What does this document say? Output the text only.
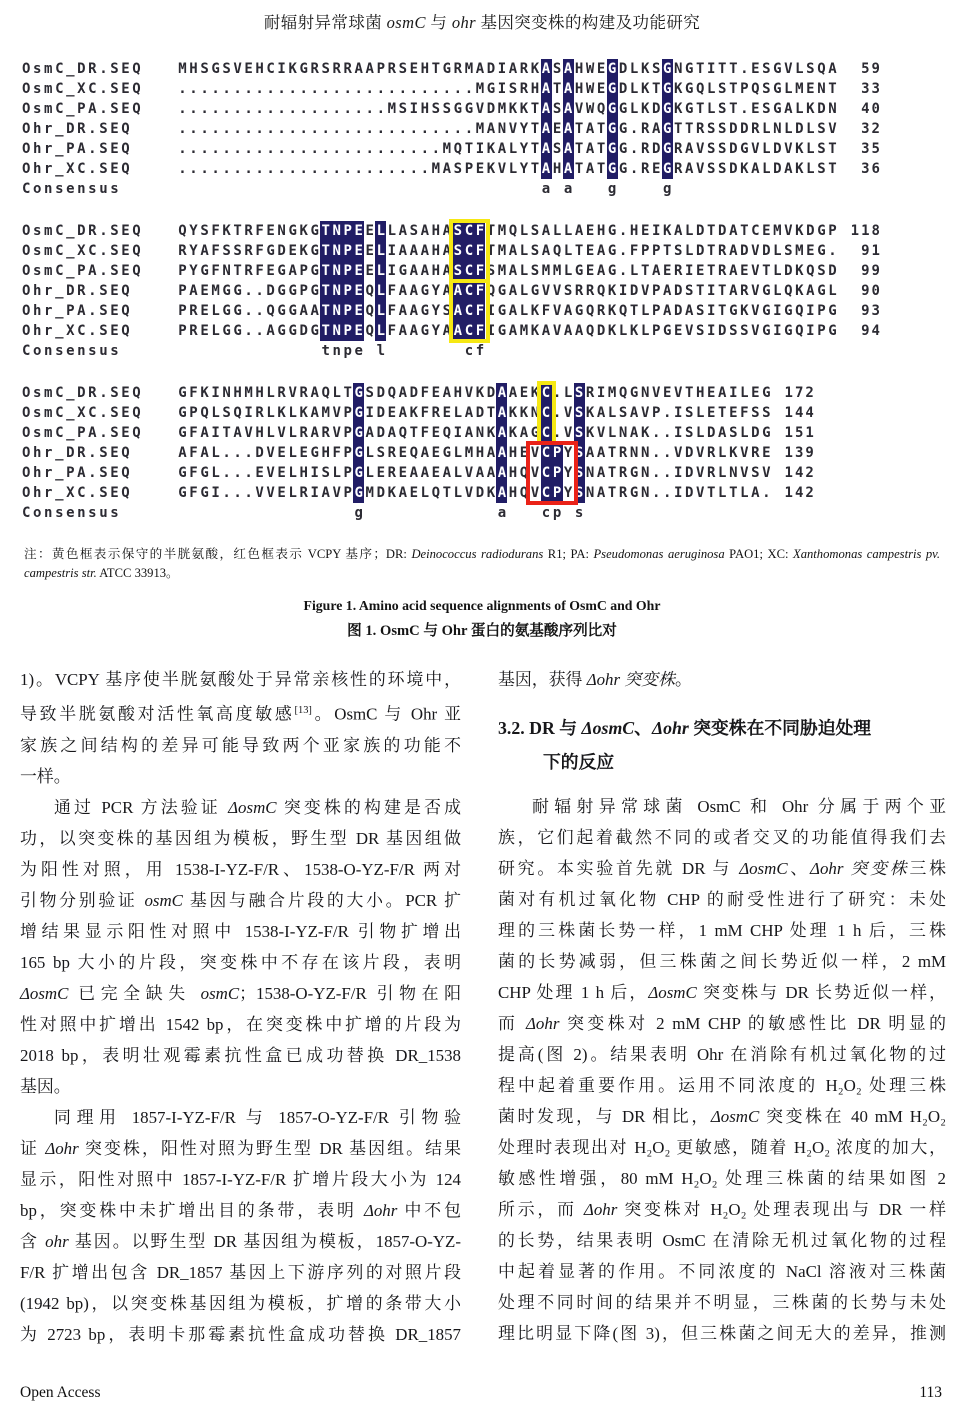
耐辐射异常球菌 osmC 与 ohr 基因突变株的构建及功能研究
OsmC_DR.SEQ M H S G S V E H C I K G R S R R A A P R S E H T G R M A D I A R K A S A H W E G D L K S G N G T I T T . E S G V L S Q A 59
OsmC_XC.SEQ . . . . . . . . . . . . . . . . . . . . . . . . . . . M G I S R H A T A H W E G D L K T G K G Q L S T P Q S G L M E N T 33
OsmC_PA.SEQ . . . . . . . . . . . . . . . . . . . M S I H S S G G V D M K K T A S A V W Q G G L K D G K G T L S T . E S G A L K D N 40
Ohr_DR.SEQ	. . . . . . . . . . . . . . . . . . . . . . . . . . . M A N V Y T A E A T A T G G . R A G T T R S S D D R L N L D L S V 32
Ohr_PA.SEQ	. . . . . . . . . . . . . . . . . . . . . . . . M Q T I K A L Y T A S A T A T G G . R D G R A V S S D G V L D V K L S T 35
Ohr_XC.SEQ	. . . . . . . . . . . . . . . . . . . . . . . M A S P E K V L Y T A H A T A T G G . R E G R A V S S D K A L D A K L S T 36
Consensus	a a	g	g
OsmC_DR.SEQ Q Y S F K T R F E N G K G T N P E E L L A S A H A S C F T M Q L S A L L A E H G . H E I K A L D T D A T C E M V K D G P 118
OsmC_XC.SEQ R Y A F S S R F G D E K G T N P E E L I A A A H A S C F T M A L S A Q L T E A G . F P P T S L D T R A D V D L S M E G . 91
OsmC_PA.SEQ P Y G F N T R F E G A P G T N P E E L I G A A H A S C F S M A L S M M L G E A G . L T A E R I E T R A E V T L D K Q S D 99
Ohr_DR.SEQ	P A E M G G . . D G G P G T N P E Q L F A A G Y A A C F Q G A L G V V S R R Q K I D V P A D S T I T A R V G L Q K A G L 90
Ohr_PA.SEQ	P R E L G G . . Q G G A A T N P E Q L F A A G Y S A C F I G A L K F V A G Q R K Q T L P A D A S I T G K V G I G Q I P G 93
Ohr_XC.SEQ	P R E L G G . . A G G D G T N P E Q L F A A G Y A A C F I G A M K A V A A Q D K L K L P G E V S I D S S V G I G Q I P G 94
Consensus	t n p e l	c f
OsmC_DR.SEQ G F K I N H M H L R V R A Q L T G S D Q A D F E A H V K D A A E K C . L S R I M Q G N V E V T H E A I L E G 172
OsmC_XC.SEQ G P Q L S Q I R L K L K A M V P G I D E A K F R E L A D T A K K N C . V S K A L S A V P . I S L E T E F S S 144
OsmC_PA.SEQ G F A I T A V H L V L R A R V P G A D A Q T F E Q I A N K A K A G C . V S K V L N A K . . I S L D A S L D G 151
Ohr_DR.SEQ	A F A L . . . D V E L E G H F P G L S R E Q A E G L M H A A H E V C P Y S A A T R N N . . V D V R L K V R E 139
Ohr_PA.SEQ	G F G L . . . E V E L H I S L P G L E R E A A E A L V A A A H Q V C P Y S N A T R G N . . I D V R L N V S V 142
Ohr_XC.SEQ	G F G I . . . V V E L R I A V P G M D K A E L Q T L V D K A H Q V C P Y S N A T R G N . . I D V T L T L A . 142
Consensus	g	a	c p s
注：黄色框表示保守的半胱氨酸，红色框表示 VCPY 基序；DR: Deinococcus radiodurans R1; PA: Pseudomonas aeruginosa PAO1; XC: Xanthomonas campestris pv. campestris str. ATCC 33913。
Figure 1. Amino acid sequence alignments of OsmC and Ohr
图 1. OsmC 与 Ohr 蛋白的氨基酸序列比对
1)。VCPY 基序使半胱氨酸处于异常亲核性的环境中，
导致半胱氨酸对活性氧高度敏感[13]。OsmC 与 Ohr 亚
家族之间结构的差异可能导致两个亚家族的功能不
一样。
通过 PCR 方法验证 ΔosmC 突变株的构建是否成
功，以突变株的基因组为模板，野生型 DR 基因组做
为阳性对照，用 1538-I-YZ-F/R、1538-O-YZ-F/R 两对
引物分别验证 osmC 基因与融合片段的大小。PCR 扩
增结果显示阳性对照中 1538-I-YZ-F/R 引物扩增出
165 bp 大小的片段，突变株中不存在该片段，表明
ΔosmC 已完全缺失 osmC；1538-O-YZ-F/R 引物在阳
性对照中扩增出 1542 bp，在突变株中扩增的片段为
2018 bp，表明壮观霉素抗性盒已成功替换 DR_1538
基因。
同理用 1857-I-YZ-F/R 与 1857-O-YZ-F/R 引物验
证 Δohr 突变株，阳性对照为野生型 DR 基因组。结果
显示，阳性对照中 1857-I-YZ-F/R 扩增片段大小为 124
bp，突变株中未扩增出目的条带，表明 Δohr 中不包
含 ohr 基因。以野生型 DR 基因组为模板，1857-O-YZ-
F/R 扩增出包含 DR_1857 基因上下游序列的对照片段
(1942 bp)，以突变株基因组为模板，扩增的条带大小
为 2723 bp，表明卡那霉素抗性盒成功替换 DR_1857
基因，获得 Δohr 突变株。
3.2. DR 与 ΔosmC、Δohr 突变株在不同胁迫处理
下的反应
耐辐射异常球菌 OsmC 和 Ohr 分属于两个亚
族，它们起着截然不同的或者交叉的功能值得我们去
研究。本实验首先就 DR 与 ΔosmC、Δohr 突变株三株
菌对有机过氧化物 CHP 的耐受性进行了研究：未处
理的三株菌长势一样，1 mM CHP 处理 1 h 后，三株
菌的长势减弱，但三株菌之间长势近似一样，2 mM
CHP 处理 1 h 后，ΔosmC 突变株与 DR 长势近似一样，
而 Δohr 突变株对 2 mM CHP 的敏感性比 DR 明显的
提高(图 2)。结果表明 Ohr 在消除有机过氧化物的过
程中起着重要作用。运用不同浓度的 H₂O₂ 处理三株
菌时发现，与 DR 相比，ΔosmC 突变株在 40 mM H₂O₂
处理时表现出对 H₂O₂ 更敏感，随着 H₂O₂ 浓度的加大，
敏感性增强，80 mM H₂O₂ 处理三株菌的结果如图 2
所示，而 Δohr 突变株对 H₂O₂ 处理表现出与 DR 一样
的长势，结果表明 OsmC 在清除无机过氧化物的过程
中起着显著的作用。不同浓度的 NaCl 溶液对三株菌
处理不同时间的结果并不明显，三株菌的长势与未处
理比明显下降(图 3)，但三株菌之间无大的差异，推测
Open Access	113
